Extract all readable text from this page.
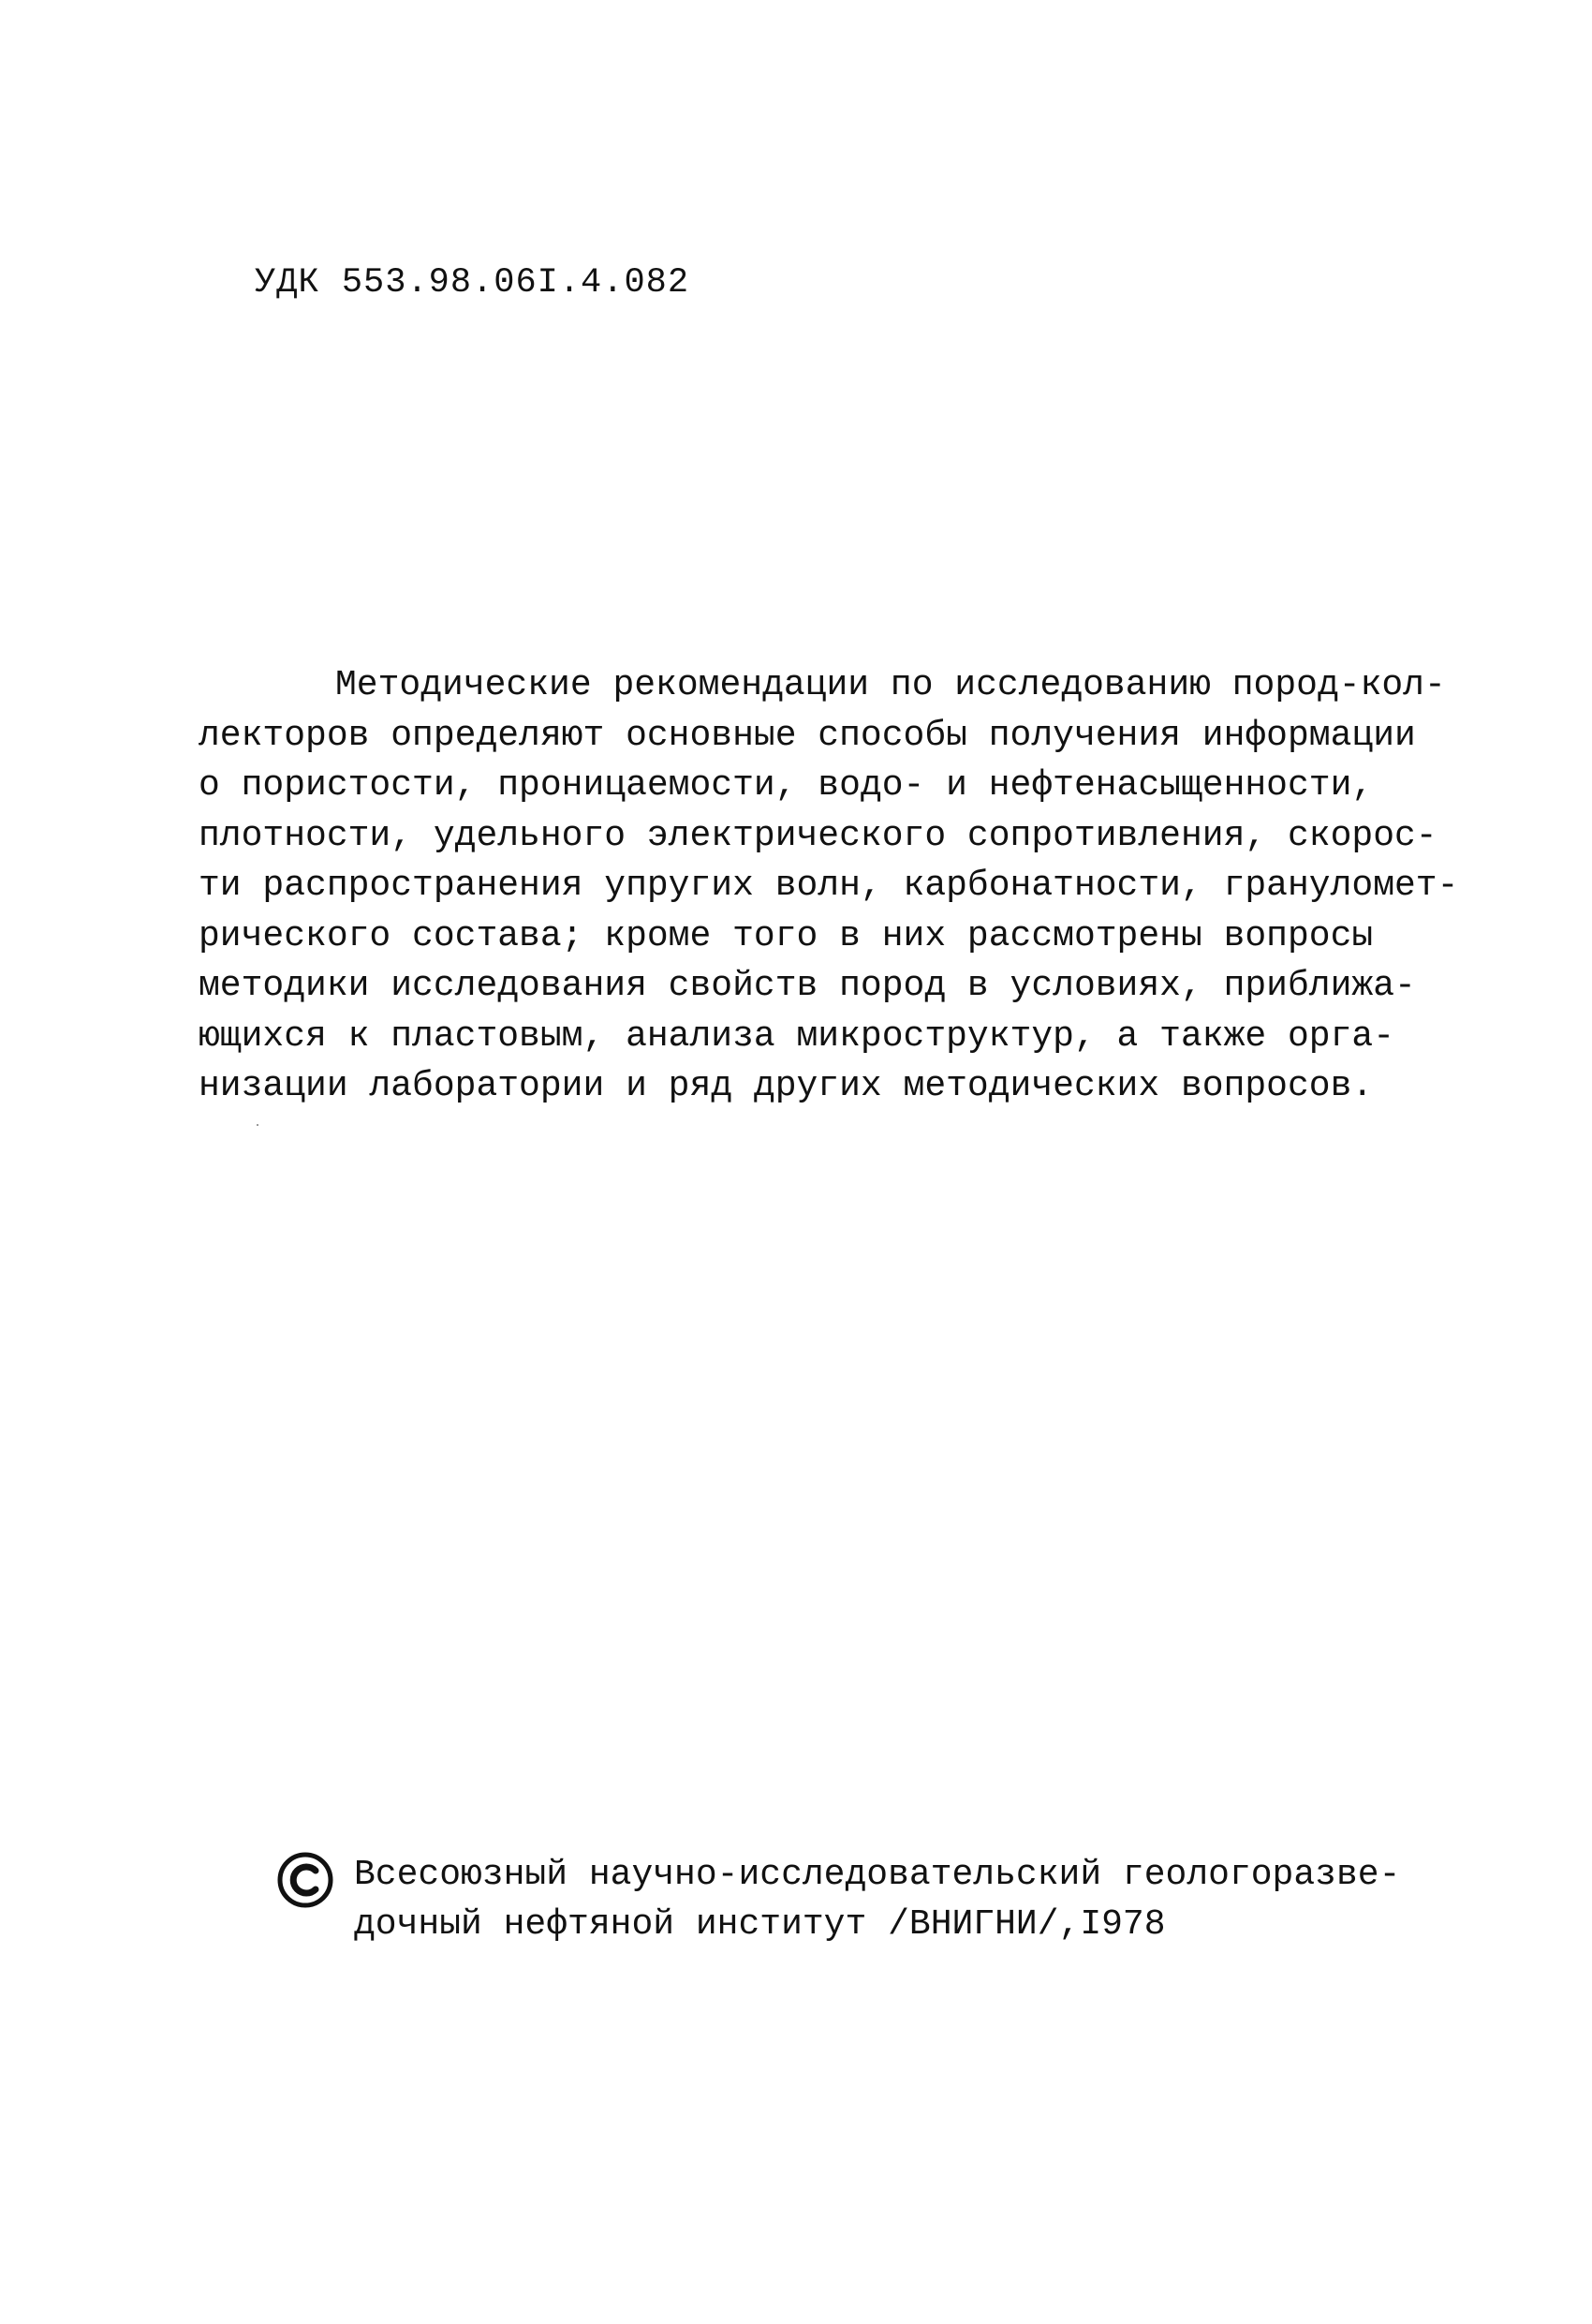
УДК 553.98.06I.4.082
Методические рекомендации по исследованию пород-кол-
лекторов определяют основные способы получения информации
о пористости, проницаемости, водо- и нефтенасыщенности,
плотности, удельного электрического сопротивления, скорос-
ти распространения упругих волн, карбонатности, грануломет-
рического состава; кроме того в них рассмотрены вопросы
методики исследования свойств пород в условиях, приближа-
ющихся к пластовым, анализа микроструктур, а также орга-
низации лаборатории и ряд других методических вопросов.
Всесоюзный научно-исследовательский геологоразве-
дочный нефтяной институт /ВНИГНИ/,I978
